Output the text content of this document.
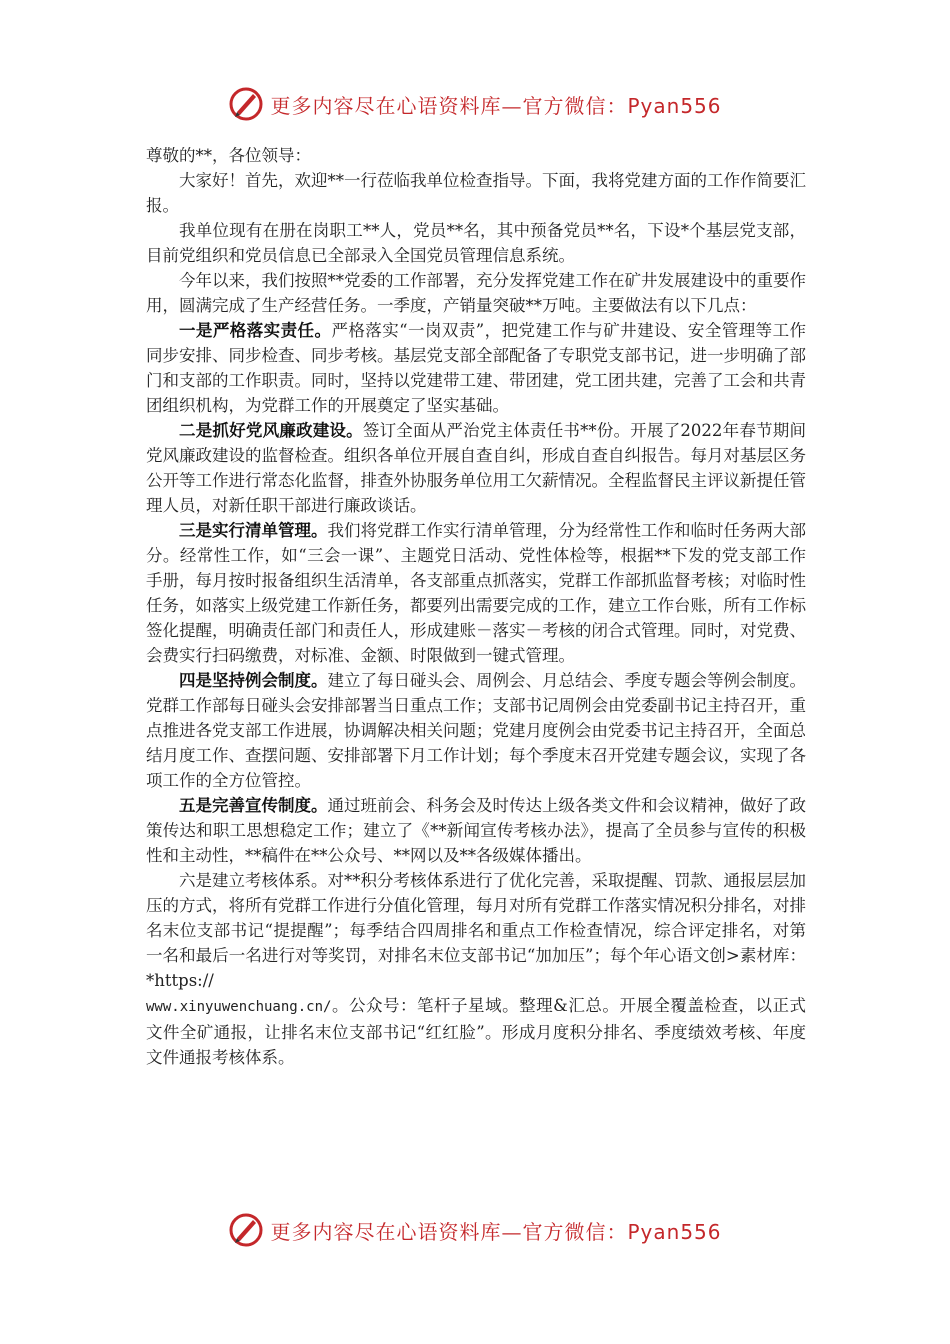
更多内容尽在心语资料库—官方微信：Pyan556

尊敬的**，各位领导：

大家好！首先，欢迎**一行莅临我单位检查指导。下面，我将党建方面的工作作简要汇报。

我单位现有在册在岗职工**人，党员**名，其中预备党员**名，下设*个基层党支部，目前党组织和党员信息已全部录入全国党员管理信息系统。

今年以来，我们按照**党委的工作部署，充分发挥党建工作在矿井发展建设中的重要作用，圆满完成了生产经营任务。一季度，产销量突破**万吨。主要做法有以下几点：

一是严格落实责任。严格落实“一岗双责”，把党建工作与矿井建设、安全管理等工作同步安排、同步检查、同步考核。基层党支部全部配备了专职党支部书记，进一步明确了部门和支部的工作职责。同时，坚持以党建带工建、带团建，党工团共建，完善了工会和共青团组织机构，为党群工作的开展奠定了坚实基础。

二是抓好党风廉政建设。签订全面从严治党主体责任书**份。开展了2022年春节期间党风廉政建设的监督检查。组织各单位开展自查自纠，形成自查自纠报告。每月对基层区务公开等工作进行常态化监督，排查外协服务单位用工欠薪情况。全程监督民主评议新提任管理人员，对新任职干部进行廉政谈话。

三是实行清单管理。我们将党群工作实行清单管理，分为经常性工作和临时任务两大部分。经常性工作，如“三会一课”、主题党日活动、党性体检等，根据**下发的党支部工作手册，每月按时报备组织生活清单，各支部重点抓落实，党群工作部抓监督考核；对临时性任务，如落实上级党建工作新任务，都要列出需要完成的工作，建立工作台账，所有工作标签化提醒，明确责任部门和责任人，形成建账－落实－考核的闭合式管理。同时，对党费、会费实行扫码缴费，对标准、金额、时限做到一键式管理。

四是坚持例会制度。建立了每日碰头会、周例会、月总结会、季度专题会等例会制度。党群工作部每日碰头会安排部署当日重点工作；支部书记周例会由党委副书记主持召开，重点推进各党支部工作进展，协调解决相关问题；党建月度例会由党委书记主持召开，全面总结月度工作、查摆问题、安排部署下月工作计划；每个季度末召开党建专题会议，实现了各项工作的全方位管控。

五是完善宣传制度。通过班前会、科务会及时传达上级各类文件和会议精神，做好了政策传达和职工思想稳定工作；建立了《**新闻宣传考核办法》，提高了全员参与宣传的积极性和主动性，**稿件在**公众号、**网以及**各级媒体播出。

六是建立考核体系。对**积分考核体系进行了优化完善，采取提醒、罚款、通报层层加压的方式，将所有党群工作进行分值化管理，每月对所有党群工作落实情况积分排名，对排名末位支部书记“提提醒”；每季结合四周排名和重点工作检查情况，综合评定排名，对第一名和最后一名进行对等奖罚，对排名末位支部书记“加加压”；每个年心语文创>素材库：*https://
www.xinyuwenchuang.cn/。公众号：笔杆子星域。整理&汇总。开展全覆盖检查，以正式文件全矿通报，让排名末位支部书记“红红脸”。形成月度积分排名、季度绩效考核、年度文件通报考核体系。

更多内容尽在心语资料库—官方微信：Pyan556
